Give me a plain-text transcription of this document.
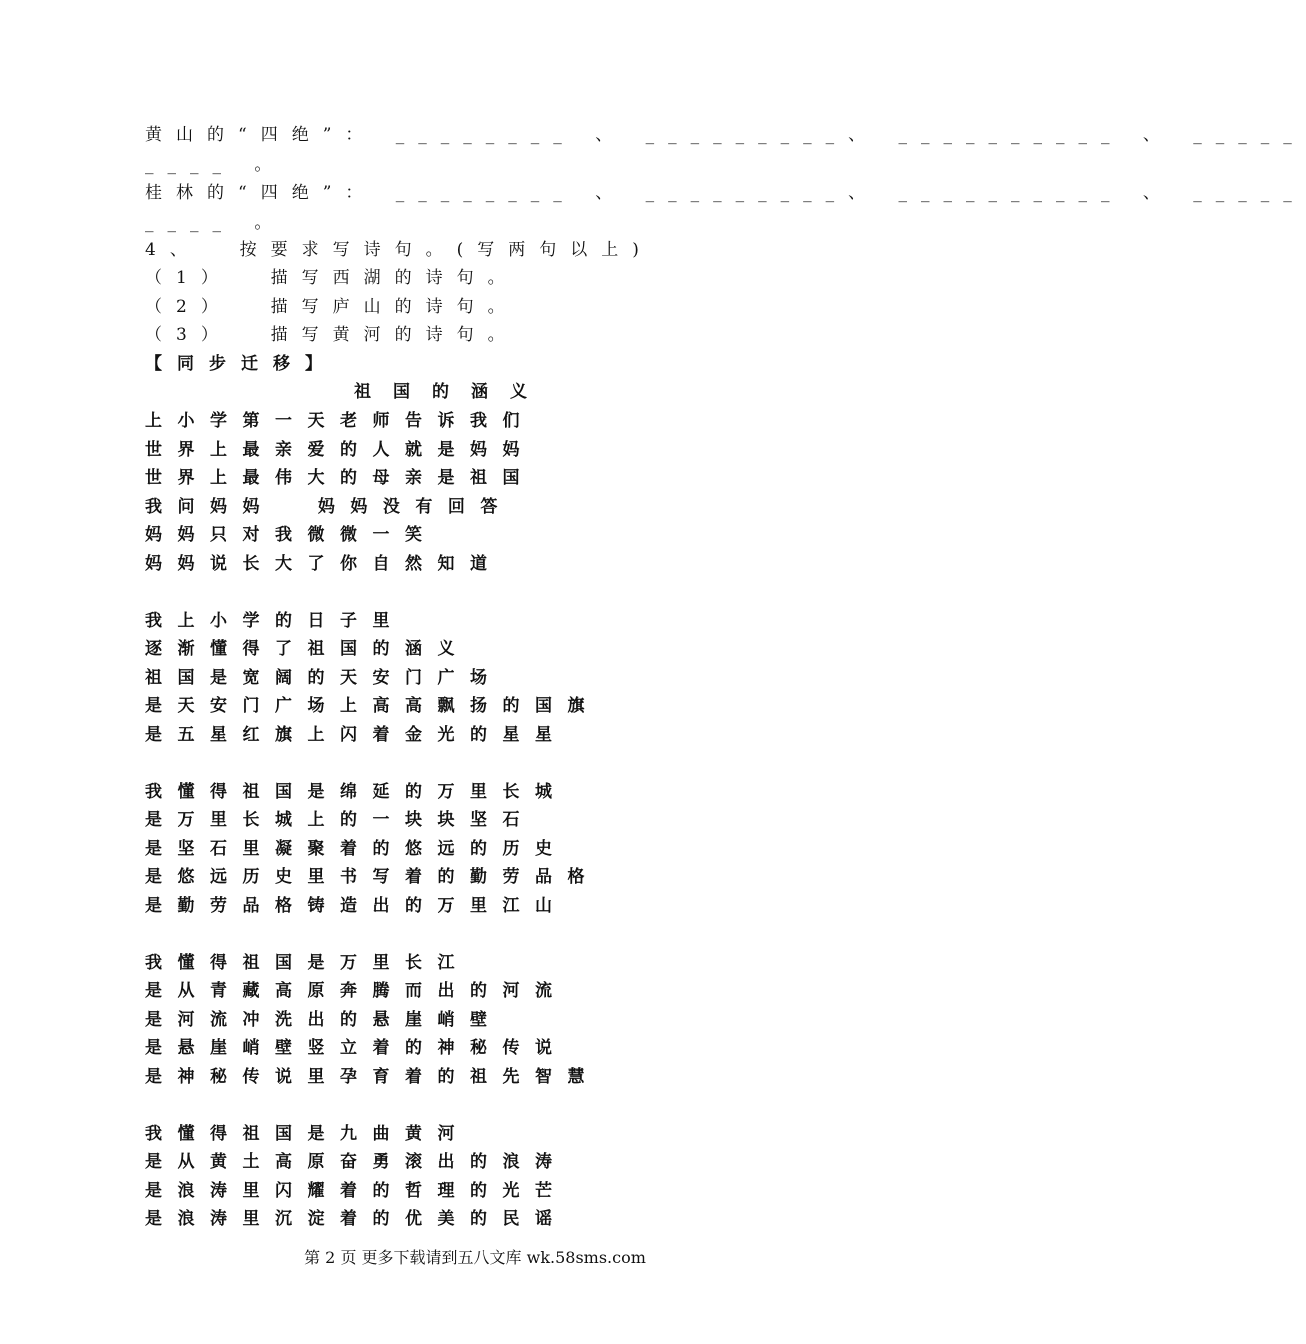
黄山的“四绝”： ________ 、 _________、 __________ 、 _____
____ 。
桂林的“四绝”： ________ 、 _________、 __________ 、 _____
____ 。
4、  按要求写诗句。(写两句以上)
（1）  描写西湖的诗句。
（2）  描写庐山的诗句。
（3）  描写黄河的诗句。
【同步迁移】
祖国的涵义
上小学第一天老师告诉我们
世界上最亲爱的人就是妈妈
世界上最伟大的母亲是祖国
我问妈妈  妈妈没有回答
妈妈只对我微微一笑
妈妈说长大了你自然知道
我上小学的日子里
逐渐懂得了祖国的涵义
祖国是宽阔的天安门广场
是天安门广场上高高飘扬的国旗
是五星红旗上闪着金光的星星
我懂得祖国是绵延的万里长城
是万里长城上的一块块坚石
是坚石里凝聚着的悠远的历史
是悠远历史里书写着的勤劳品格
是勤劳品格铸造出的万里江山
我懂得祖国是万里长江
是从青藏高原奔腾而出的河流
是河流冲洗出的悬崖峭壁
是悬崖峭壁竖立着的神秘传说
是神秘传说里孕育着的祖先智慧
我懂得祖国是九曲黄河
是从黄土高原奋勇滚出的浪涛
是浪涛里闪耀着的哲理的光芒
是浪涛里沉淀着的优美的民谣
第 2 页 更多下载请到五八文库 wk.58sms.com
